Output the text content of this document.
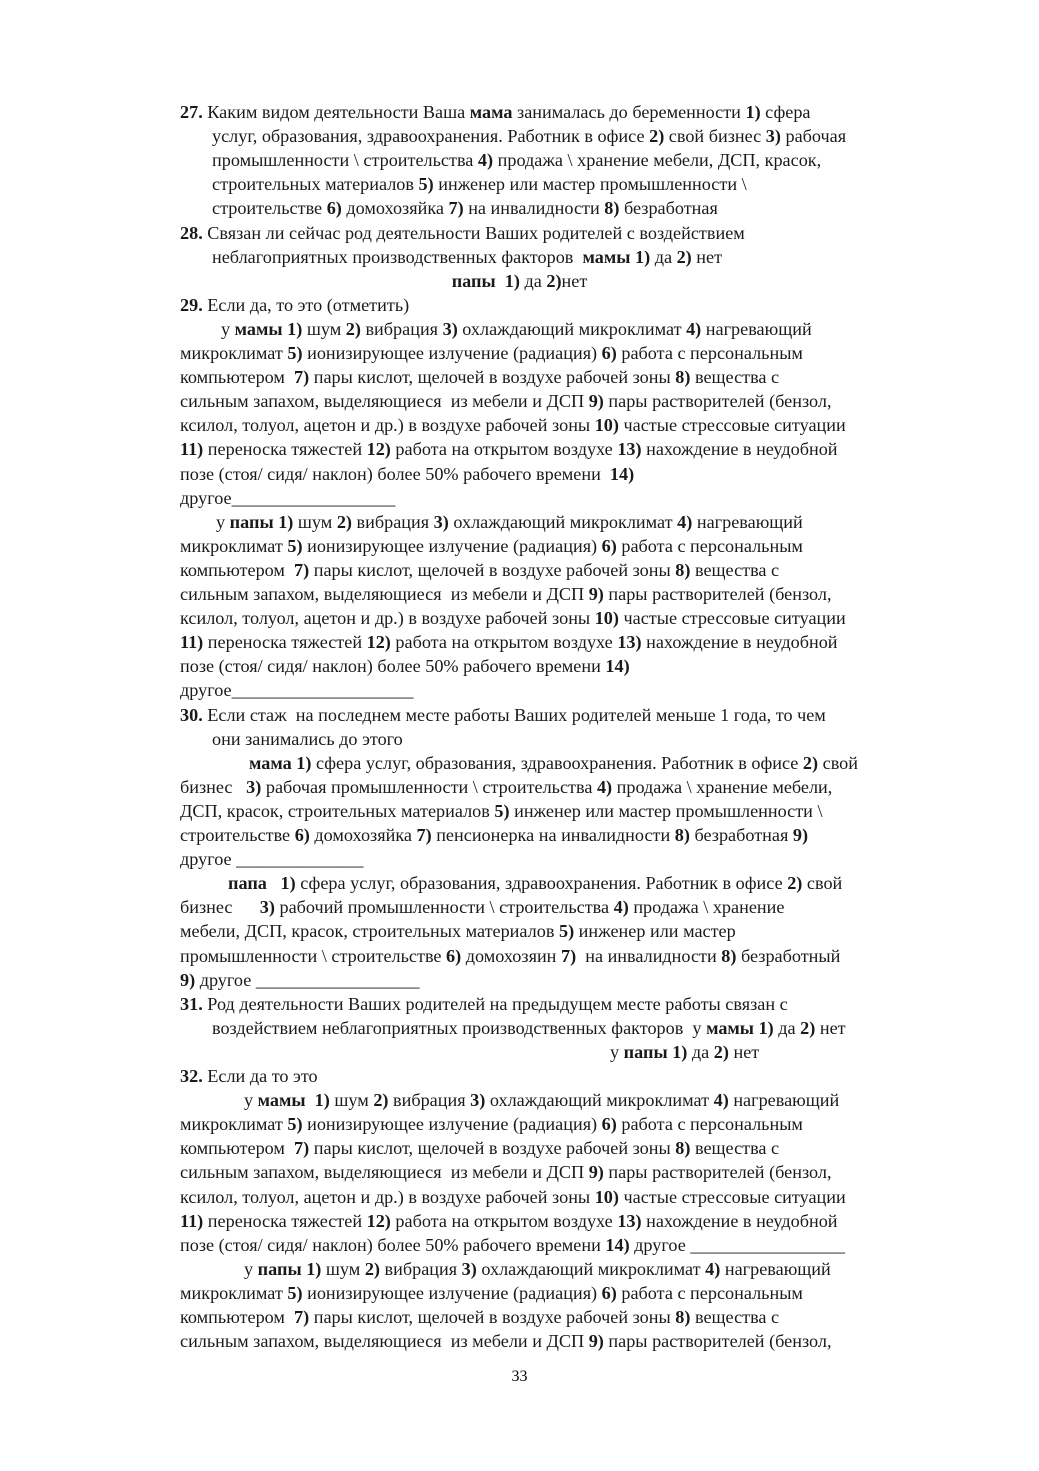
27. Каким видом деятельности Ваша мама занималась до беременности 1) сфера
услуг, образования, здравоохранения. Работник в офисе 2) свой бизнес 3) рабочая
промышленности \ строительства 4) продажа \ хранение мебели, ДСП, красок,
строительных материалов 5) инженер или мастер промышленности \
строительстве 6) домохозяйка 7) на инвалидности 8) безработная
28. Связан ли сейчас род деятельности Ваших родителей с воздействием
неблагоприятных производственных факторов  мамы 1) да 2) нет
папы  1) да 2)нет
29. Если да, то это (отметить)
у мамы 1) шум 2) вибрация 3) охлаждающий микроклимат 4) нагревающий
микроклимат 5) ионизирующее излучение (радиация) 6) работа с персональным
компьютером  7) пары кислот, щелочей в воздухе рабочей зоны 8) вещества с
сильным запахом, выделяющиеся  из мебели и ДСП 9) пары растворителей (бензол,
ксилол, толуол, ацетон и др.) в воздухе рабочей зоны 10) частые стрессовые ситуации
11) переноска тяжестей 12) работа на открытом воздухе 13) нахождение в неудобной
позе (стоя/ сидя/ наклон) более 50% рабочего времени  14)
другое__________________
у папы 1) шум 2) вибрация 3) охлаждающий микроклимат 4) нагревающий
микроклимат 5) ионизирующее излучение (радиация) 6) работа с персональным
компьютером  7) пары кислот, щелочей в воздухе рабочей зоны 8) вещества с
сильным запахом, выделяющиеся  из мебели и ДСП 9) пары растворителей (бензол,
ксилол, толуол, ацетон и др.) в воздухе рабочей зоны 10) частые стрессовые ситуации
11) переноска тяжестей 12) работа на открытом воздухе 13) нахождение в неудобной
позе (стоя/ сидя/ наклон) более 50% рабочего времени 14)
другое____________________
30. Если стаж  на последнем месте работы Ваших родителей меньше 1 года, то чем
они занимались до этого
мама 1) сфера услуг, образования, здравоохранения. Работник в офисе 2) свой
бизнес   3) рабочая промышленности \ строительства 4) продажа \ хранение мебели,
ДСП, красок, строительных материалов 5) инженер или мастер промышленности \
строительстве 6) домохозяйка 7) пенсионерка на инвалидности 8) безработная 9)
другое ______________
папа   1) сфера услуг, образования, здравоохранения. Работник в офисе 2) свой
бизнес      3) рабочий промышленности \ строительства 4) продажа \ хранение
мебели, ДСП, красок, строительных материалов 5) инженер или мастер
промышленности \ строительстве 6) домохозяин 7)  на инвалидности 8) безработный
9) другое __________________
31. Род деятельности Ваших родителей на предыдущем месте работы связан с
воздействием неблагоприятных производственных факторов  у мамы 1) да 2) нет
у папы 1) да 2) нет
32. Если да то это
у мамы  1) шум 2) вибрация 3) охлаждающий микроклимат 4) нагревающий
микроклимат 5) ионизирующее излучение (радиация) 6) работа с персональным
компьютером  7) пары кислот, щелочей в воздухе рабочей зоны 8) вещества с
сильным запахом, выделяющиеся  из мебели и ДСП 9) пары растворителей (бензол,
ксилол, толуол, ацетон и др.) в воздухе рабочей зоны 10) частые стрессовые ситуации
11) переноска тяжестей 12) работа на открытом воздухе 13) нахождение в неудобной
позе (стоя/ сидя/ наклон) более 50% рабочего времени 14) другое _________________
у папы 1) шум 2) вибрация 3) охлаждающий микроклимат 4) нагревающий
микроклимат 5) ионизирующее излучение (радиация) 6) работа с персональным
компьютером  7) пары кислот, щелочей в воздухе рабочей зоны 8) вещества с
сильным запахом, выделяющиеся  из мебели и ДСП 9) пары растворителей (бензол,
33
